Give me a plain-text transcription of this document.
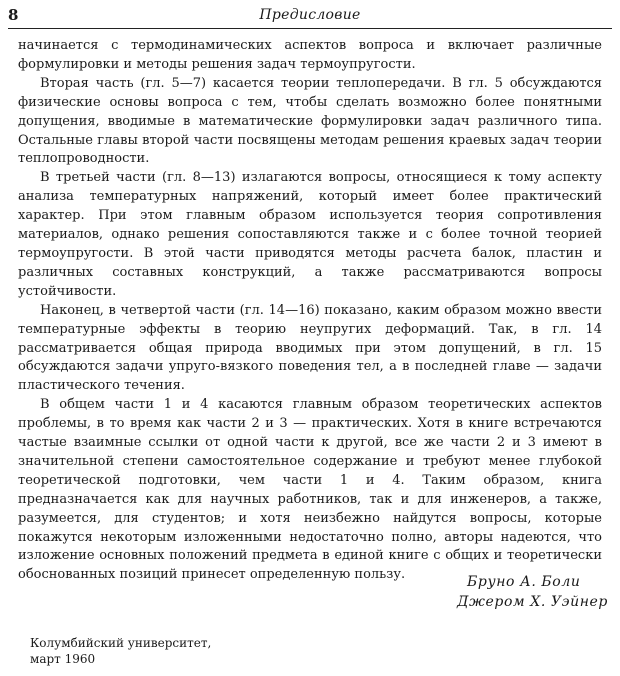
8	Предисловие

начинается с термодинамических аспектов вопроса и включает различные формулировки и методы решения задач термоупругости.

Вторая часть (гл. 5—7) касается теории теплопередачи. В гл. 5 обсуждаются физические основы вопроса с тем, чтобы сделать возможно более понятными допущения, вводимые в математические формулировки задач различного типа. Остальные главы второй части посвящены методам решения краевых задач теории теплопроводности.

В третьей части (гл. 8—13) излагаются вопросы, относящиеся к тому аспекту анализа температурных напряжений, который имеет более практический характер. При этом главным образом используется теория сопротивления материалов, однако решения сопоставляются также и с более точной теорией термоупругости. В этой части приводятся методы расчета балок, пластин и различных составных конструкций, а также рассматриваются вопросы устойчивости.

Наконец, в четвертой части (гл. 14—16) показано, каким образом можно ввести температурные эффекты в теорию неупругих деформаций. Так, в гл. 14 рассматривается общая природа вводимых при этом допущений, в гл. 15 обсуждаются задачи упруго-вязкого поведения тел, а в последней главе — задачи пластического течения.

В общем части 1 и 4 касаются главным образом теоретических аспектов проблемы, в то время как части 2 и 3 — практических. Хотя в книге встречаются частые взаимные ссылки от одной части к другой, все же части 2 и 3 имеют в значительной степени самостоятельное содержание и требуют менее глубокой теоретической подготовки, чем части 1 и 4. Таким образом, книга предназначается как для научных работников, так и для инженеров, а также, разумеется, для студентов; и хотя неизбежно найдутся вопросы, которые покажутся некоторым изложенными недостаточно полно, авторы надеются, что изложение основных положений предмета в единой книге с общих и теоретически обоснованных позиций принесет определенную пользу.	Бруно А. Боли
Джером Х. Уэйнер
Колумбийский университет,
март 1960
